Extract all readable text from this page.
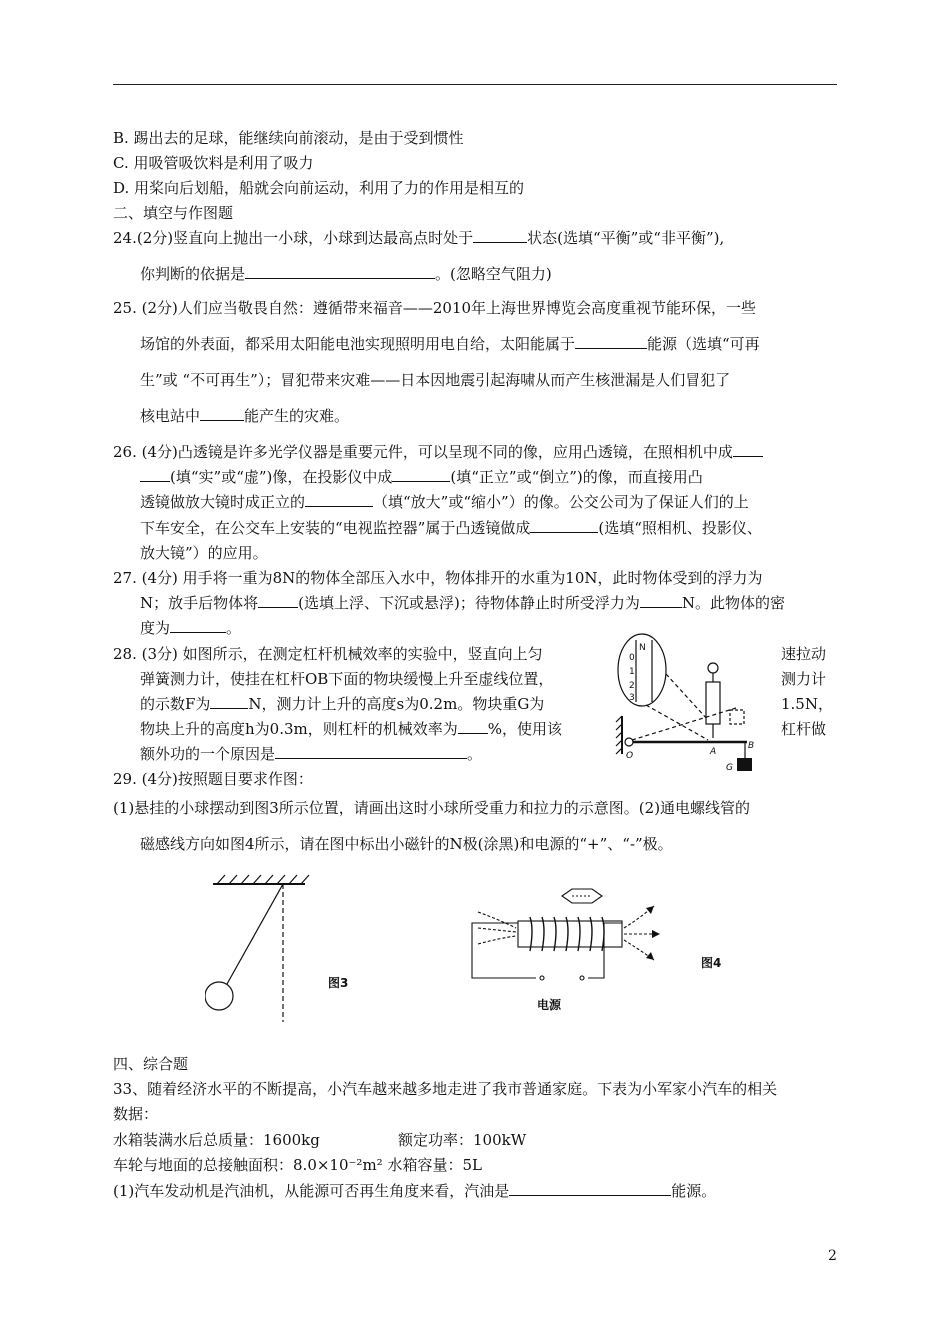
B. 踢出去的足球，能继续向前滚动，是由于受到惯性
C. 用吸管吸饮料是利用了吸力
D. 用桨向后划船，船就会向前运动，利用了力的作用是相互的
二、填空与作图题
24.(2分)竖直向上抛出一小球，小球到达最高点时处于	状态(选填“平衡”或“非平衡”),
你判断的依据是	。(忽略空气阻力)
25. (2分)人们应当敬畏自然：遵循带来福音——2010年上海世界博览会高度重视节能环保，一些
场馆的外表面，都采用太阳能电池实现照明用电自给，太阳能属于	能源（选填“可再
生”或 “不可再生”）；冒犯带来灾难——日本因地震引起海啸从而产生核泄漏是人们冒犯了
核电站中	能产生的灾难。
26. (4分)凸透镜是许多光学仪器是重要元件，可以呈现不同的像，应用凸透镜，在照相机中成
(填“实”或“虚”)像，在投影仪中成	(填“正立”或“倒立”)的像，而直接用凸
透镜做放大镜时成正立的	（填“放大”或“缩小”）的像。公交公司为了保证人们的上
下车安全，在公交车上安装的“电视监控器”属于凸透镜做成	(选填“照相机、投影仪、
放大镜”）的应用。
27. (4分) 用手将一重为8N的物体全部压入水中，物体排开的水重为10N，此时物体受到的浮力为
N；放手后物体将	(选填上浮、下沉或悬浮)；待物体静止时所受浮力为	N。此物体的密
度为	。
28. (3分) 如图所示，在测定杠杆机械效率的实验中，竖直向上匀	速拉动
弹簧测力计，使挂在杠杆OB下面的物块缓慢上升至虚线位置，	测力计
的示数F为	N，测力计上升的高度s为0.2m。物块重G为	1.5N，
物块上升的高度h为0.3m，则杠杆的机械效率为 %，使用该	杠杆做
额外功的一个原因是	。
N
0
1
2
3
O	A
B
G
29. (4分)按照题目要求作图：
(1)悬挂的小球摆动到图3所示位置，请画出这时小球所受重力和拉力的示意图。(2)通电螺线管的
磁感线方向如图4所示，请在图中标出小磁针的N极(涂黑)和电源的“+”、“-”极。
图3
电源
图4
四、综合题
33、随着经济水平的不断提高，小汽车越来越多地走进了我市普通家庭。下表为小军家小汽车的相关
数据：
水箱装满水后总质量：1600kg	额定功率：100kW
车轮与地面的总接触面积：8.0×10⁻²m² 水箱容量：5L
(1)汽车发动机是汽油机，从能源可否再生角度来看，汽油是	能源。
2
